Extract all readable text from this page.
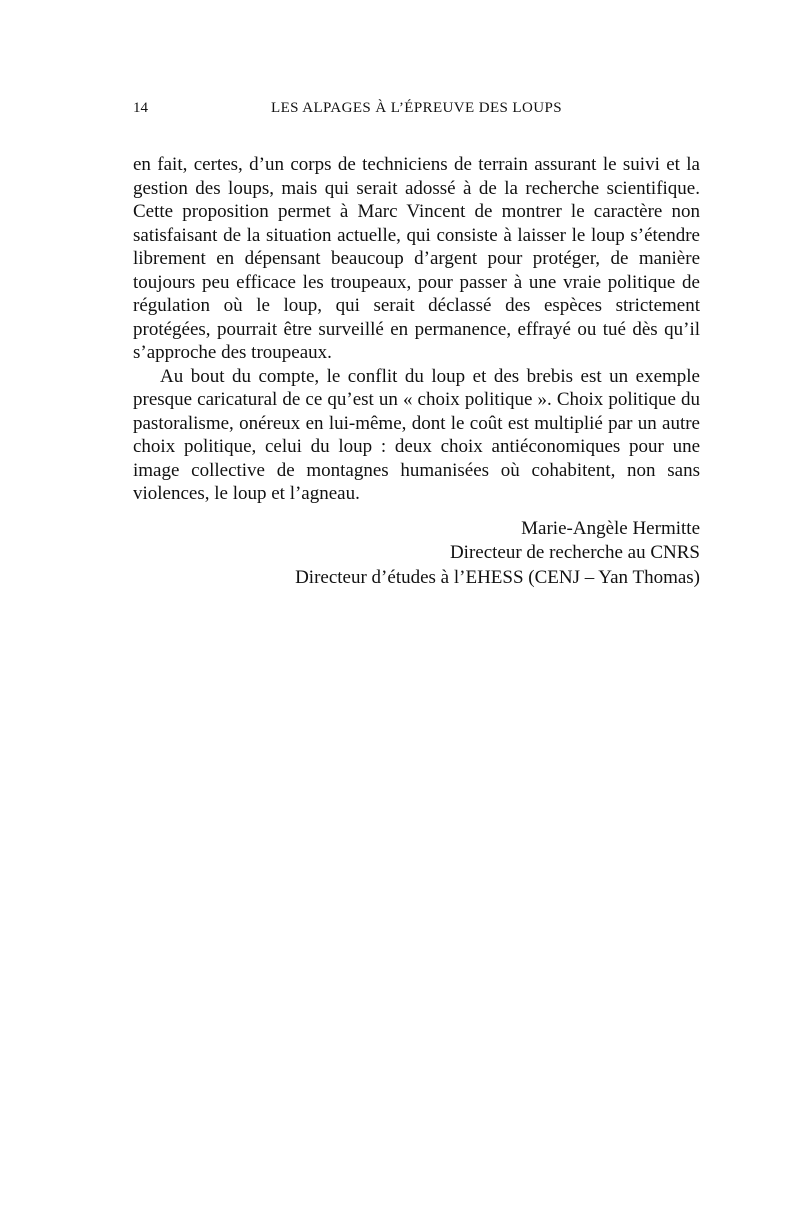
14	LES ALPAGES À L’ÉPREUVE DES LOUPS

en fait, certes, d’un corps de techniciens de terrain assurant le suivi et la gestion des loups, mais qui serait adossé à de la recherche scientifique. Cette proposition permet à Marc Vincent de montrer le caractère non satisfaisant de la situation actuelle, qui consiste à laisser le loup s’étendre librement en dépensant beaucoup d’argent pour protéger, de manière toujours peu efficace les troupeaux, pour passer à une vraie politique de régulation où le loup, qui serait déclassé des espèces strictement protégées, pourrait être surveillé en permanence, effrayé ou tué dès qu’il s’approche des troupeaux.

Au bout du compte, le conflit du loup et des brebis est un exemple presque caricatural de ce qu’est un « choix politique ». Choix politique du pastoralisme, onéreux en lui-même, dont le coût est multiplié par un autre choix politique, celui du loup : deux choix antiéconomiques pour une image collective de montagnes humanisées où cohabitent, non sans violences, le loup et l’agneau.

Marie-Angèle Hermitte
Directeur de recherche au CNRS
Directeur d’études à l’EHESS (CENJ – Yan Thomas)
